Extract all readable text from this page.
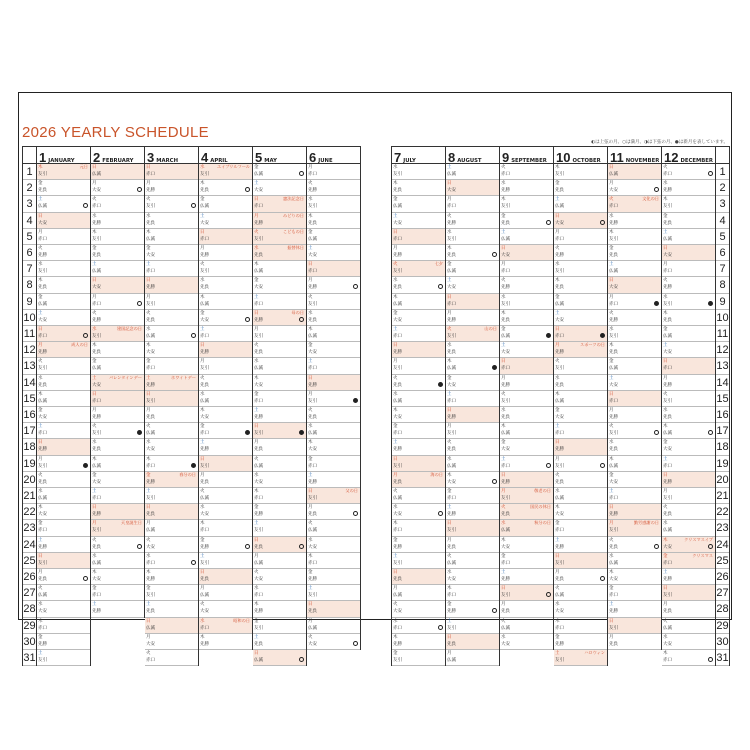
2026 YEARLY SCHEDULE
◐は上弦の月、○は満月、◑は下弦の月、●は新月を表しています。
1
2
3
4
5
6
7
8
9
10
11
12
13
14
15
16
17
18
19
20
21
22
23
24
25
26
27
28
29
30
31
1 JANUARY
木
友引
元日
金
先負
土
仏滅
日
大安
月
赤口
火
先勝
水
友引
木
先負
金
仏滅
土
大安
日
赤口
月
先勝
成人の日
火
友引
水
先負
木
仏滅
金
大安
土
赤口
日
先勝
月
友引
火
先負
水
仏滅
木
大安
金
赤口
土
先勝
日
友引
月
先負
火
仏滅
水
大安
木
赤口
金
先勝
土
友引
2 FEBRUARY
日
仏滅
月
大安
火
赤口
水
先勝
木
友引
金
先負
土
仏滅
日
大安
月
赤口
火
先勝
水
友引
建国記念の日
木
先負
金
仏滅
土
大安
バレンタインデー
日
赤口
月
先勝
火
友引
水
先負
木
仏滅
金
大安
土
赤口
日
先勝
月
友引
天皇誕生日
火
先負
水
仏滅
木
大安
金
赤口
土
先勝
3 MARCH
日
赤口
月
先勝
火
友引
水
先負
木
仏滅
金
大安
土
赤口
日
先勝
月
友引
火
先負
水
仏滅
木
大安
金
赤口
土
先勝
ホワイトデー
日
友引
月
先負
火
仏滅
水
大安
木
赤口
金
先勝
春分の日
土
友引
日
先負
月
仏滅
火
大安
水
赤口
木
先勝
金
友引
土
先負
日
仏滅
月
大安
火
赤口
4 APRIL
水
友引
エイプリルフール
木
先負
金
仏滅
土
大安
日
赤口
月
先勝
火
友引
水
先負
木
仏滅
金
大安
土
赤口
日
先勝
月
友引
火
先負
水
仏滅
木
大安
金
赤口
土
先勝
日
友引
月
先負
火
仏滅
水
大安
木
赤口
金
先勝
土
友引
日
先負
月
仏滅
火
大安
水
赤口
昭和の日
木
先勝
5 MAY
金
仏滅
土
大安
日
赤口
憲法記念日
月
先勝
みどりの日
火
友引
こどもの日
水
先負
振替休日
木
仏滅
金
大安
土
赤口
日
先勝
母の日
月
友引
火
先負
水
仏滅
木
大安
金
赤口
土
先勝
日
友引
月
先負
火
仏滅
水
大安
木
赤口
金
先勝
土
友引
日
先負
月
仏滅
火
大安
水
赤口
木
先勝
金
友引
土
先負
日
仏滅
6 JUNE
月
赤口
火
先勝
水
友引
木
先負
金
仏滅
土
大安
日
赤口
月
先勝
火
友引
水
先負
木
仏滅
金
大安
土
赤口
日
先勝
月
友引
火
先負
水
仏滅
木
大安
金
赤口
土
先勝
日
友引
父の日
月
先負
火
仏滅
水
大安
木
赤口
金
先勝
土
友引
日
先負
月
仏滅
火
大安
7 JULY
水
友引
木
先負
金
仏滅
土
大安
日
赤口
月
先勝
火
友引
七夕
水
先負
木
仏滅
金
大安
土
赤口
日
先勝
月
友引
火
先負
水
仏滅
木
大安
金
赤口
土
先勝
日
友引
月
先負
海の日
火
仏滅
水
大安
木
赤口
金
先勝
土
友引
日
先負
月
仏滅
火
大安
水
赤口
木
先勝
金
友引
8 AUGUST
土
仏滅
日
大安
月
赤口
火
先勝
水
友引
木
先負
金
仏滅
土
大安
日
赤口
月
先勝
火
友引
山の日
水
先負
木
仏滅
金
大安
土
赤口
日
先勝
月
友引
火
先負
水
仏滅
木
大安
金
赤口
土
先勝
日
友引
月
先負
火
仏滅
水
大安
木
赤口
金
先勝
土
友引
日
先負
月
仏滅
9 SEPTEMBER
火
赤口
水
先勝
木
友引
金
先負
土
仏滅
日
大安
月
赤口
火
先勝
水
友引
木
先負
金
仏滅
土
大安
日
赤口
月
先勝
火
友引
水
先負
木
仏滅
金
大安
土
赤口
日
先勝
月
友引
敬老の日
火
先負
国民の休日
水
仏滅
秋分の日
木
大安
金
赤口
土
先勝
日
友引
月
先負
火
仏滅
水
大安
10 OCTOBER
木
友引
金
先負
土
仏滅
日
大安
月
赤口
火
先勝
水
友引
木
先負
金
仏滅
土
大安
日
赤口
月
先勝
スポーツの日
火
友引
水
先負
木
仏滅
金
大安
土
赤口
日
先勝
月
友引
火
先負
水
仏滅
木
大安
金
赤口
土
先勝
日
友引
月
先負
火
仏滅
水
大安
木
赤口
金
先勝
土
友引
ハロウィン
11 NOVEMBER
日
仏滅
月
大安
火
赤口
文化の日
水
先勝
木
友引
金
先負
土
仏滅
日
大安
月
赤口
火
先勝
水
友引
木
先負
金
仏滅
土
大安
日
赤口
月
先勝
火
友引
水
先負
木
仏滅
金
大安
土
赤口
日
先勝
月
友引
勤労感謝の日
火
先負
水
仏滅
木
大安
金
赤口
土
先勝
日
友引
月
先負
12 DECEMBER
火
赤口
水
先勝
木
友引
金
先負
土
仏滅
日
大安
月
赤口
火
先勝
水
友引
木
先負
金
仏滅
土
大安
日
赤口
月
先勝
火
友引
水
先負
木
仏滅
金
大安
土
赤口
日
先勝
月
友引
火
先負
水
仏滅
木
大安
クリスマスイブ
金
赤口
クリスマス
土
先勝
日
友引
月
先負
火
仏滅
水
大安
木
赤口
1
2
3
4
5
6
7
8
9
10
11
12
13
14
15
16
17
18
19
20
21
22
23
24
25
26
27
28
29
30
31
